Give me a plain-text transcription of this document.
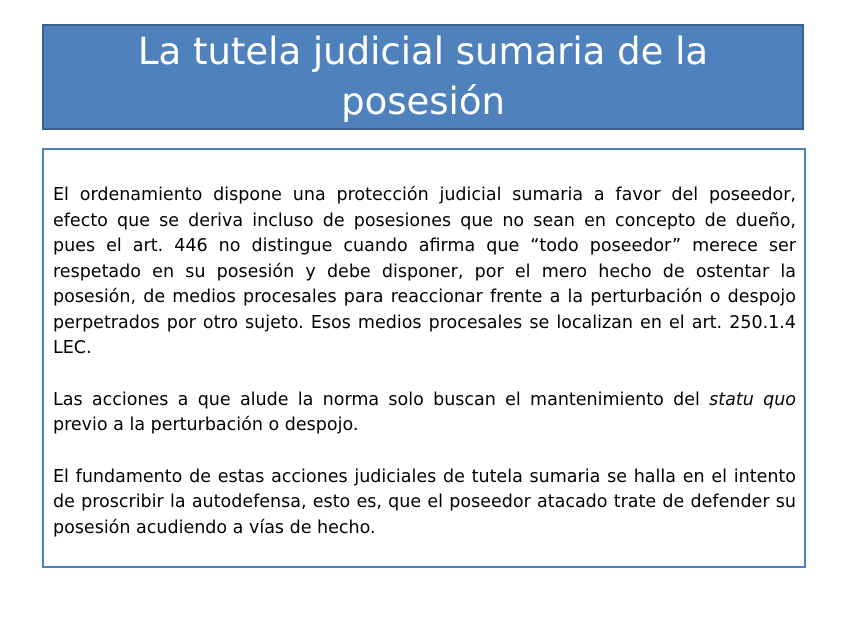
La tutela judicial sumaria de la posesión

El ordenamiento dispone una protección judicial sumaria a favor del poseedor, efecto que se deriva incluso de posesiones que no sean en concepto de dueño, pues el art. 446 no distingue cuando afirma que “todo poseedor” merece ser respetado en su posesión y debe disponer, por el mero hecho de ostentar la posesión, de medios procesales para reaccionar frente a la perturbación o despojo perpetrados por otro sujeto. Esos medios procesales se localizan en el art. 250.1.4 LEC.

Las acciones a que alude la norma solo buscan el mantenimiento del statu quo previo a la perturbación o despojo.

El fundamento de estas acciones judiciales de tutela sumaria se halla en el intento de proscribir la autodefensa, esto es, que el poseedor atacado trate de defender su posesión acudiendo a vías de hecho.
